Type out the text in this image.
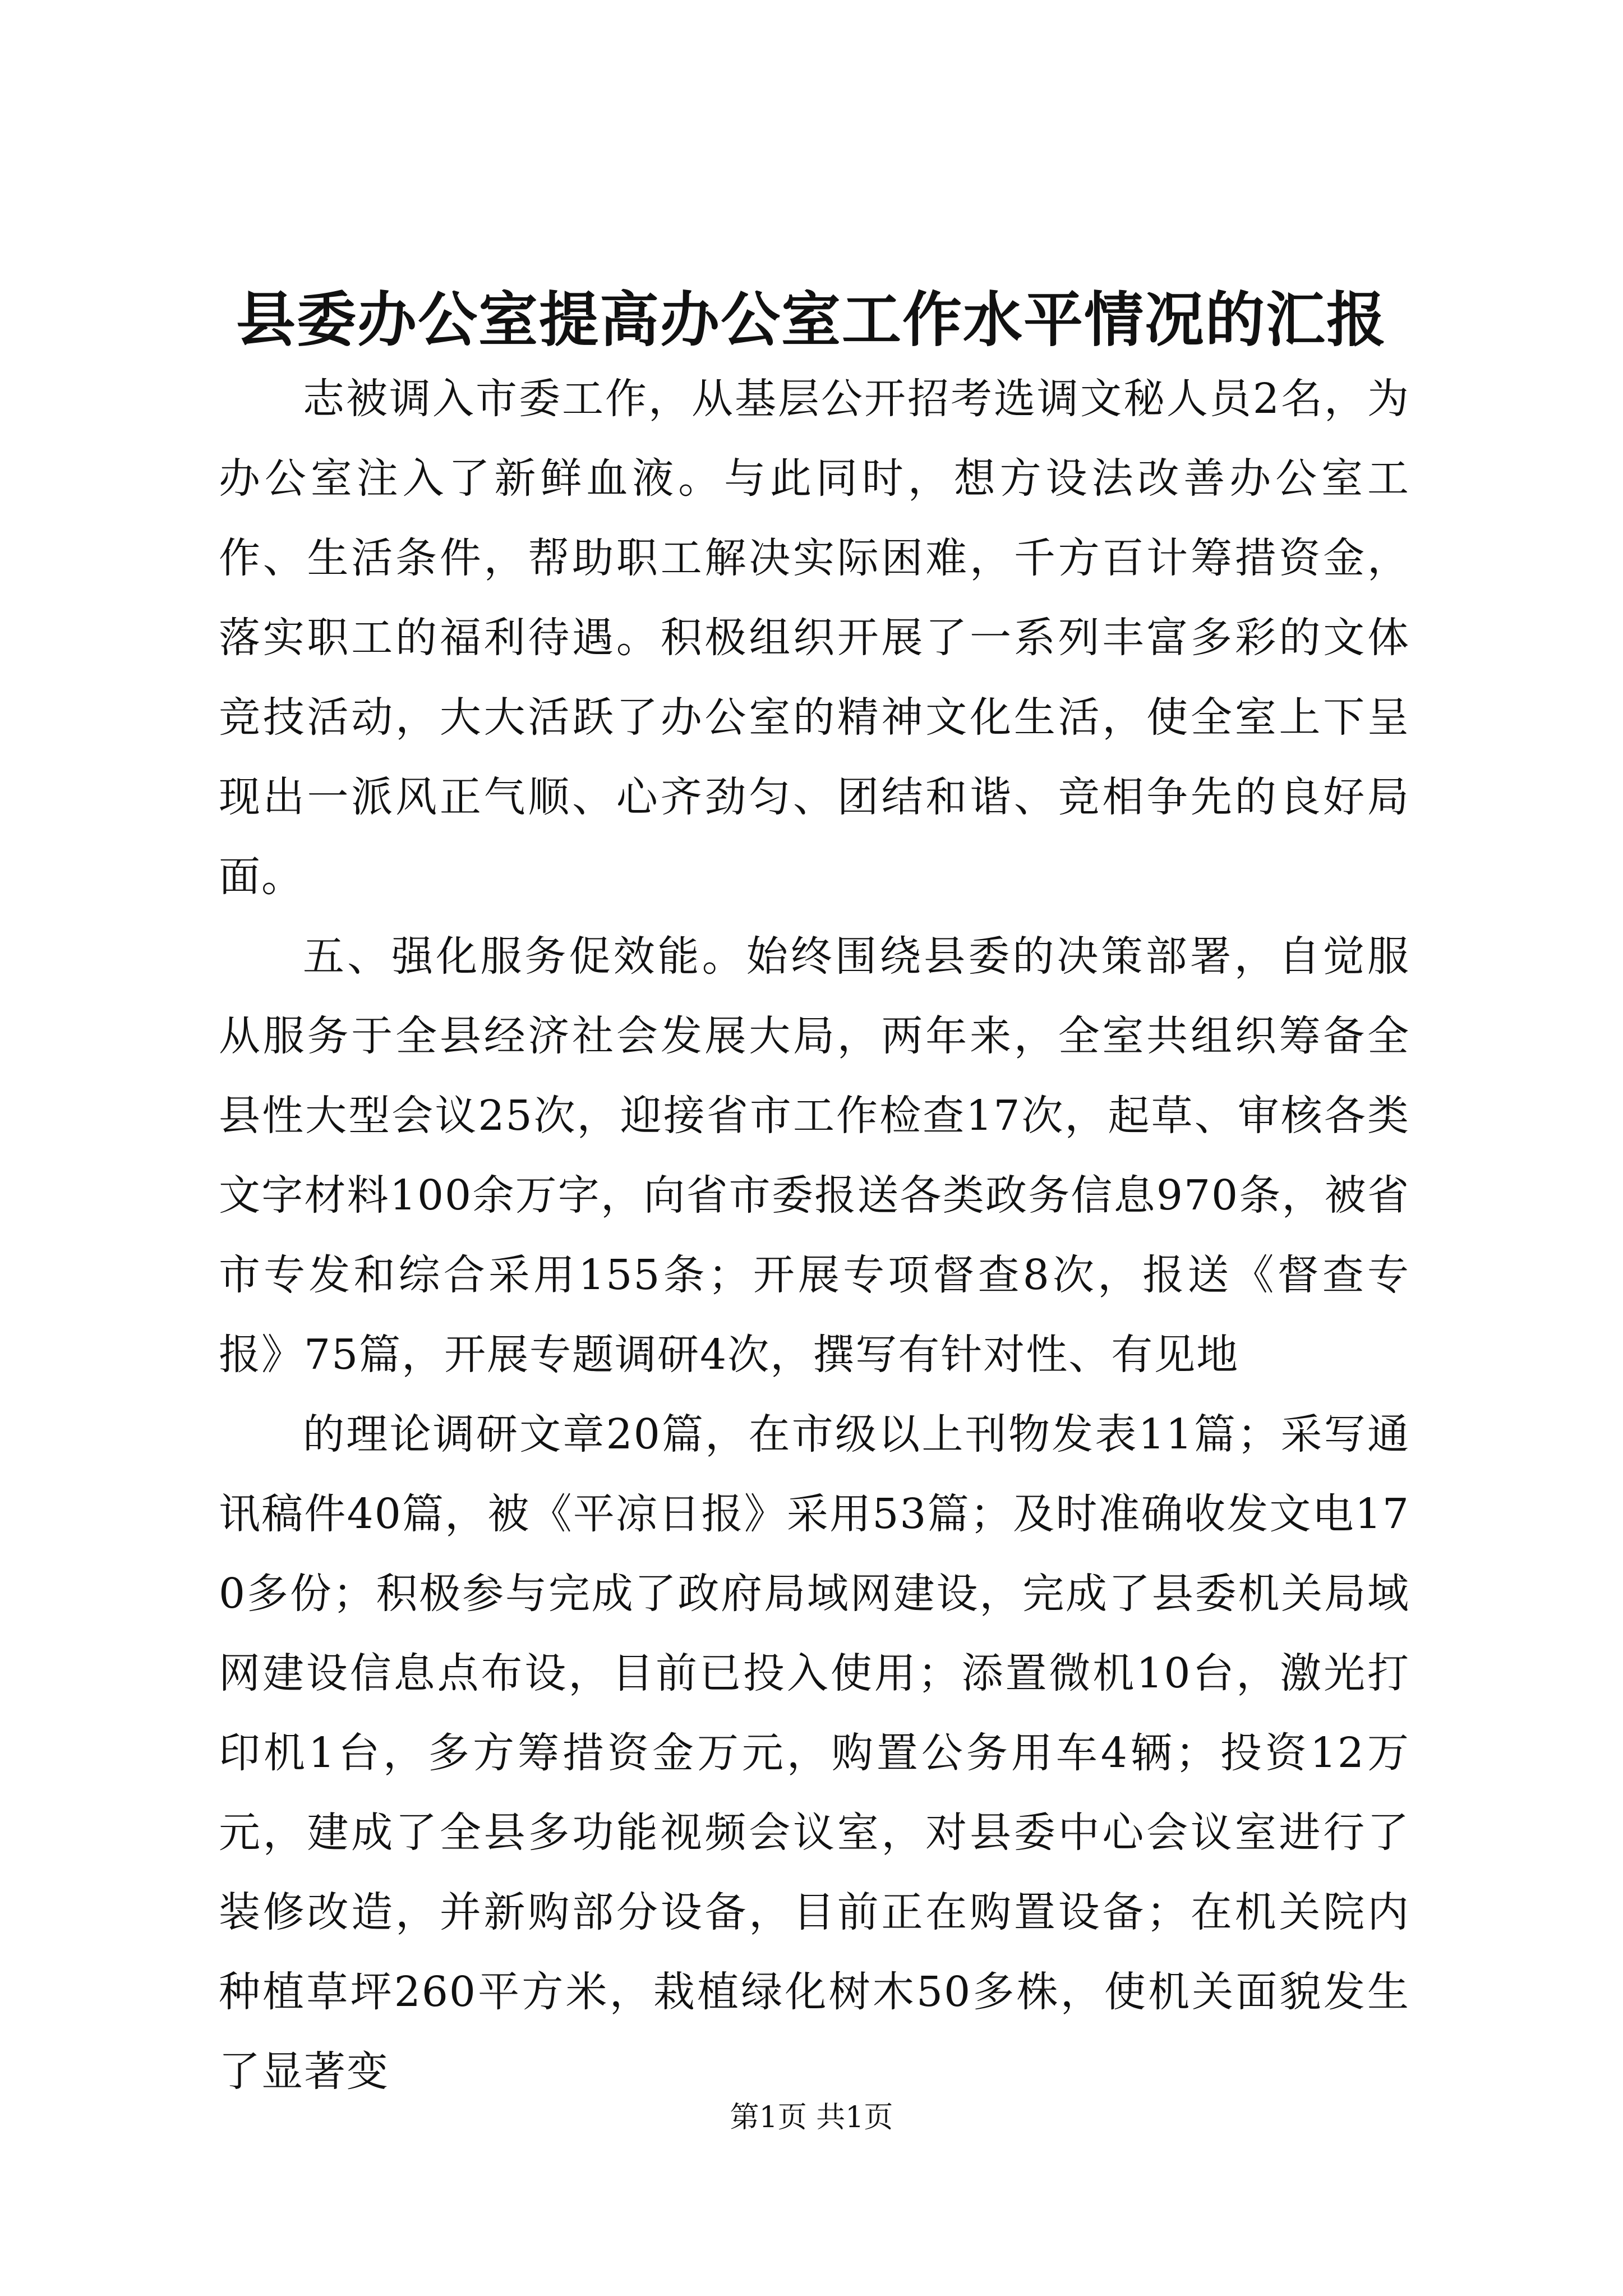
县委办公室提高办公室工作水平情况的汇报

志被调入市委工作，从基层公开招考选调文秘人员2名，为办公室注入了新鲜血液。与此同时，想方设法改善办公室工作、生活条件，帮助职工解决实际困难，千方百计筹措资金，落实职工的福利待遇。积极组织开展了一系列丰富多彩的文体竞技活动，大大活跃了办公室的精神文化生活，使全室上下呈现出一派风正气顺、心齐劲匀、团结和谐、竞相争先的良好局面。

五、强化服务促效能。始终围绕县委的决策部署，自觉服从服务于全县经济社会发展大局，两年来，全室共组织筹备全县性大型会议25次，迎接省市工作检查17次，起草、审核各类文字材料100余万字，向省市委报送各类政务信息970条，被省市专发和综合采用155条；开展专项督查8次，报送《督查专报》75篇，开展专题调研4次，撰写有针对性、有见地

的理论调研文章20篇，在市级以上刊物发表11篇；采写通讯稿件40篇，被《平凉日报》采用53篇；及时准确收发文电170多份；积极参与完成了政府局域网建设，完成了县委机关局域网建设信息点布设，目前已投入使用；添置微机10台，激光打印机1台，多方筹措资金万元，购置公务用车4辆；投资12万元，建成了全县多功能视频会议室，对县委中心会议室进行了装修改造，并新购部分设备，目前正在购置设备；在机关院内种植草坪260平方米，栽植绿化树木50多株，使机关面貌发生了显著变

第1页 共1页
